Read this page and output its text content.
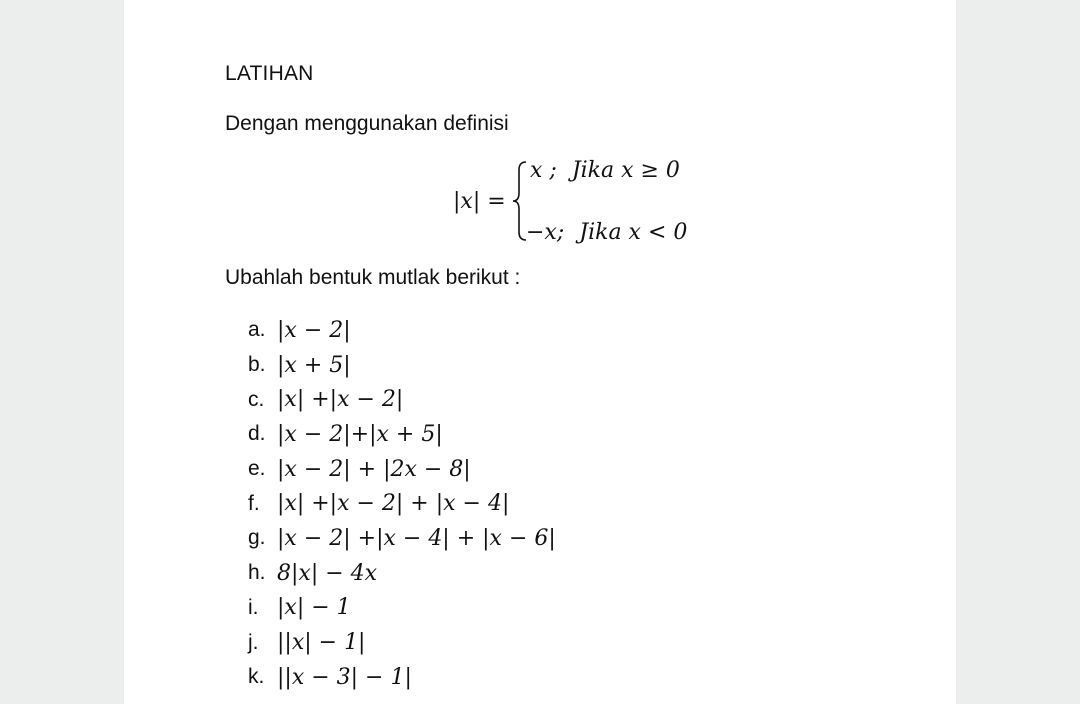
LATIHAN
Dengan menggunakan definisi
|x| =
x ; Jika x ≥ 0
−x; Jika x < 0
Ubahlah bentuk mutlak berikut :
a. |x − 2|
b. |x + 5|
c. |x| +|x − 2|
d. |x − 2|+|x + 5|
e. |x − 2| + |2x − 8|
f. |x| +|x − 2| + |x − 4|
g. |x − 2| +|x − 4| + |x − 6|
h. 8|x| − 4x
i. |x| − 1
j. ||x| − 1|
k. ||x − 3| − 1|
